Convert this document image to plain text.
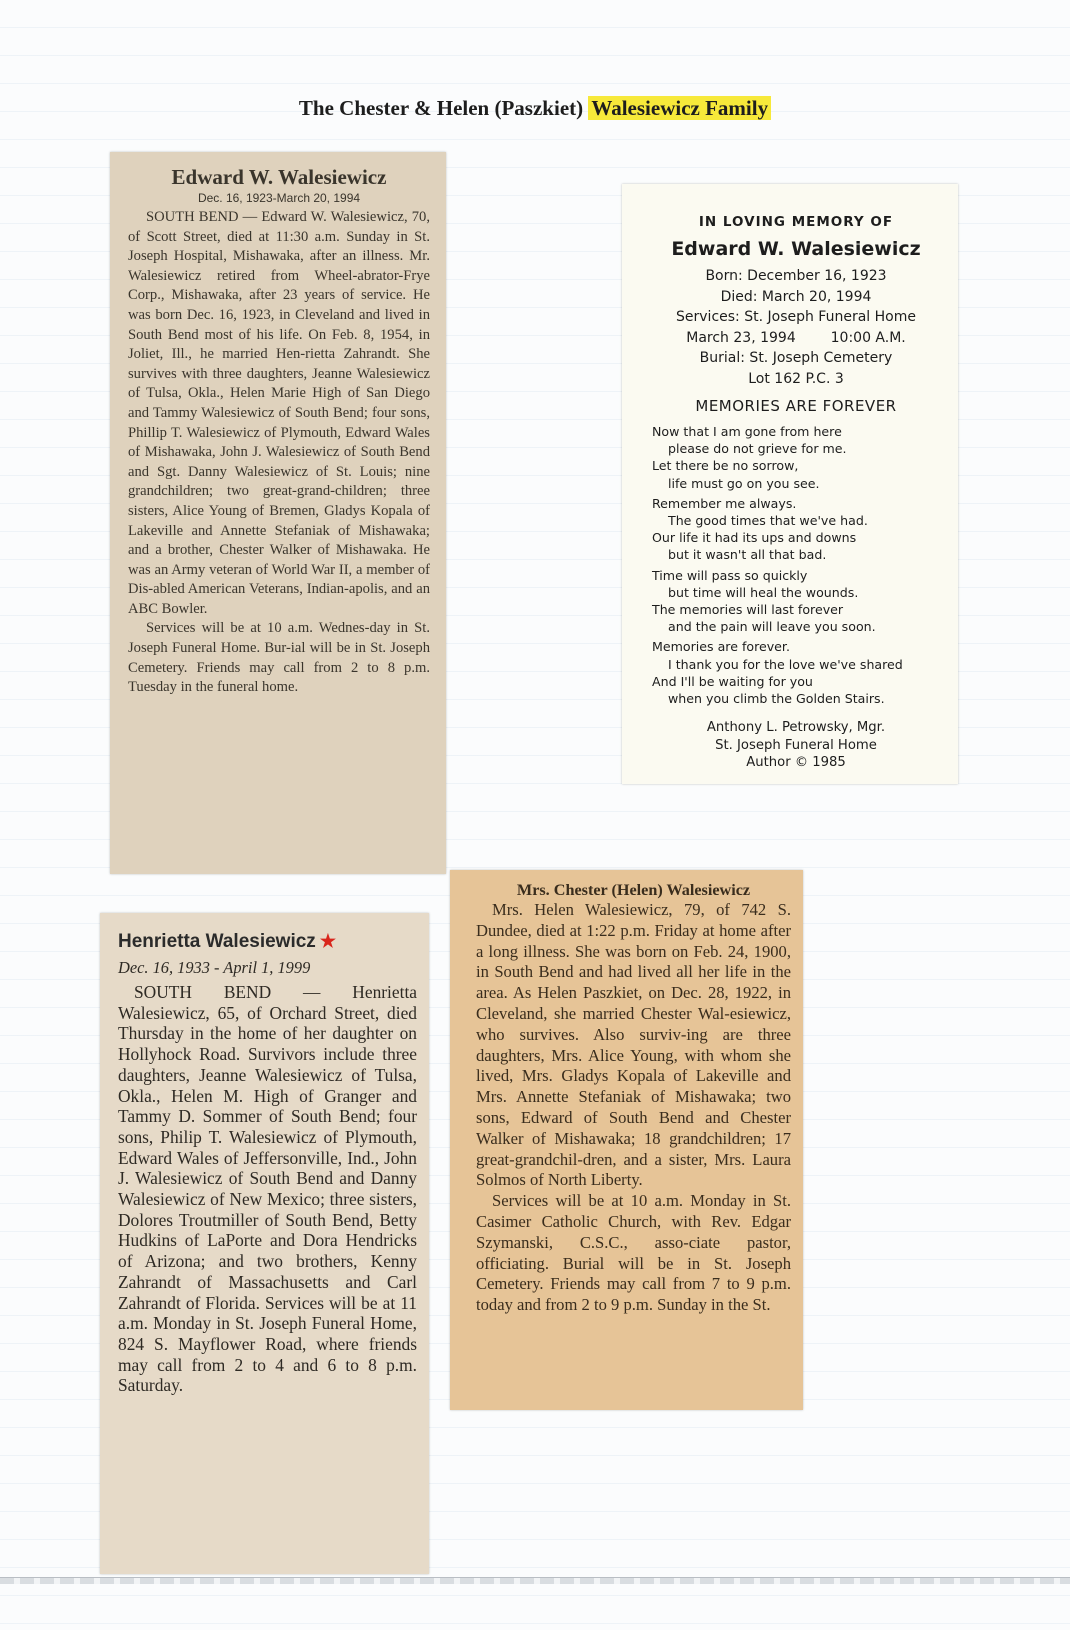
The Chester & Helen (Paszkiet) Walesiewicz Family

Edward W. Walesiewicz

Dec. 16, 1923-March 20, 1994

SOUTH BEND — Edward W. Walesiewicz, 70, of Scott Street, died at 11:30 a.m. Sunday in St. Joseph Hospital, Mishawaka, after an illness. Mr. Walesiewicz retired from Wheel-abrator-Frye Corp., Mishawaka, after 23 years of service. He was born Dec. 16, 1923, in Cleveland and lived in South Bend most of his life. On Feb. 8, 1954, in Joliet, Ill., he married Hen-rietta Zahrandt. She survives with three daughters, Jeanne Walesiewicz of Tulsa, Okla., Helen Marie High of San Diego and Tammy Walesiewicz of South Bend; four sons, Phillip T. Walesiewicz of Plymouth, Edward Wales of Mishawaka, John J. Walesiewicz of South Bend and Sgt. Danny Walesiewicz of St. Louis; nine grandchildren; two great-grand-children; three sisters, Alice Young of Bremen, Gladys Kopala of Lakeville and Annette Stefaniak of Mishawaka; and a brother, Chester Walker of Mishawaka. He was an Army veteran of World War II, a member of Dis-abled American Veterans, Indian-apolis, and an ABC Bowler.

Services will be at 10 a.m. Wednes-day in St. Joseph Funeral Home. Bur-ial will be in St. Joseph Cemetery. Friends may call from 2 to 8 p.m. Tuesday in the funeral home.

IN LOVING MEMORY OF
Edward W. Walesiewicz
Born: December 16, 1923
Died: March 20, 1994
Services: St. Joseph Funeral Home
March 23, 1994 10:00 A.M.
Burial: St. Joseph Cemetery
Lot 162 P.C. 3
MEMORIES ARE FOREVER
Now that I am gone from here
please do not grieve for me.
Let there be no sorrow,
life must go on you see.
Remember me always.
The good times that we've had.
Our life it had its ups and downs
but it wasn't all that bad.
Time will pass so quickly
but time will heal the wounds.
The memories will last forever
and the pain will leave you soon.
Memories are forever.
I thank you for the love we've shared
And I'll be waiting for you
when you climb the Golden Stairs.
Anthony L. Petrowsky, Mgr.
St. Joseph Funeral Home
Author © 1985

Henrietta Walesiewicz ★

Dec. 16, 1933 - April 1, 1999

SOUTH BEND — Henrietta Walesiewicz, 65, of Orchard Street, died Thursday in the home of her daughter on Hollyhock Road. Survivors include three daughters, Jeanne Walesiewicz of Tulsa, Okla., Helen M. High of Granger and Tammy D. Sommer of South Bend; four sons, Philip T. Walesiewicz of Plymouth, Edward Wales of Jeffersonville, Ind., John J. Walesiewicz of South Bend and Danny Walesiewicz of New Mexico; three sisters, Dolores Troutmiller of South Bend, Betty Hudkins of LaPorte and Dora Hendricks of Arizona; and two brothers, Kenny Zahrandt of Massachusetts and Carl Zahrandt of Florida. Services will be at 11 a.m. Monday in St. Joseph Funeral Home, 824 S. Mayflower Road, where friends may call from 2 to 4 and 6 to 8 p.m. Saturday.

Mrs. Chester (Helen) Walesiewicz

Mrs. Helen Walesiewicz, 79, of 742 S. Dundee, died at 1:22 p.m. Friday at home after a long illness. She was born on Feb. 24, 1900, in South Bend and had lived all her life in the area. As Helen Paszkiet, on Dec. 28, 1922, in Cleveland, she married Chester Wal-esiewicz, who survives. Also surviv-ing are three daughters, Mrs. Alice Young, with whom she lived, Mrs. Gladys Kopala of Lakeville and Mrs. Annette Stefaniak of Mishawaka; two sons, Edward of South Bend and Chester Walker of Mishawaka; 18 grandchildren; 17 great-grandchil-dren, and a sister, Mrs. Laura Solmos of North Liberty.

Services will be at 10 a.m. Monday in St. Casimer Catholic Church, with Rev. Edgar Szymanski, C.S.C., asso-ciate pastor, officiating. Burial will be in St. Joseph Cemetery. Friends may call from 7 to 9 p.m. today and from 2 to 9 p.m. Sunday in the St.
